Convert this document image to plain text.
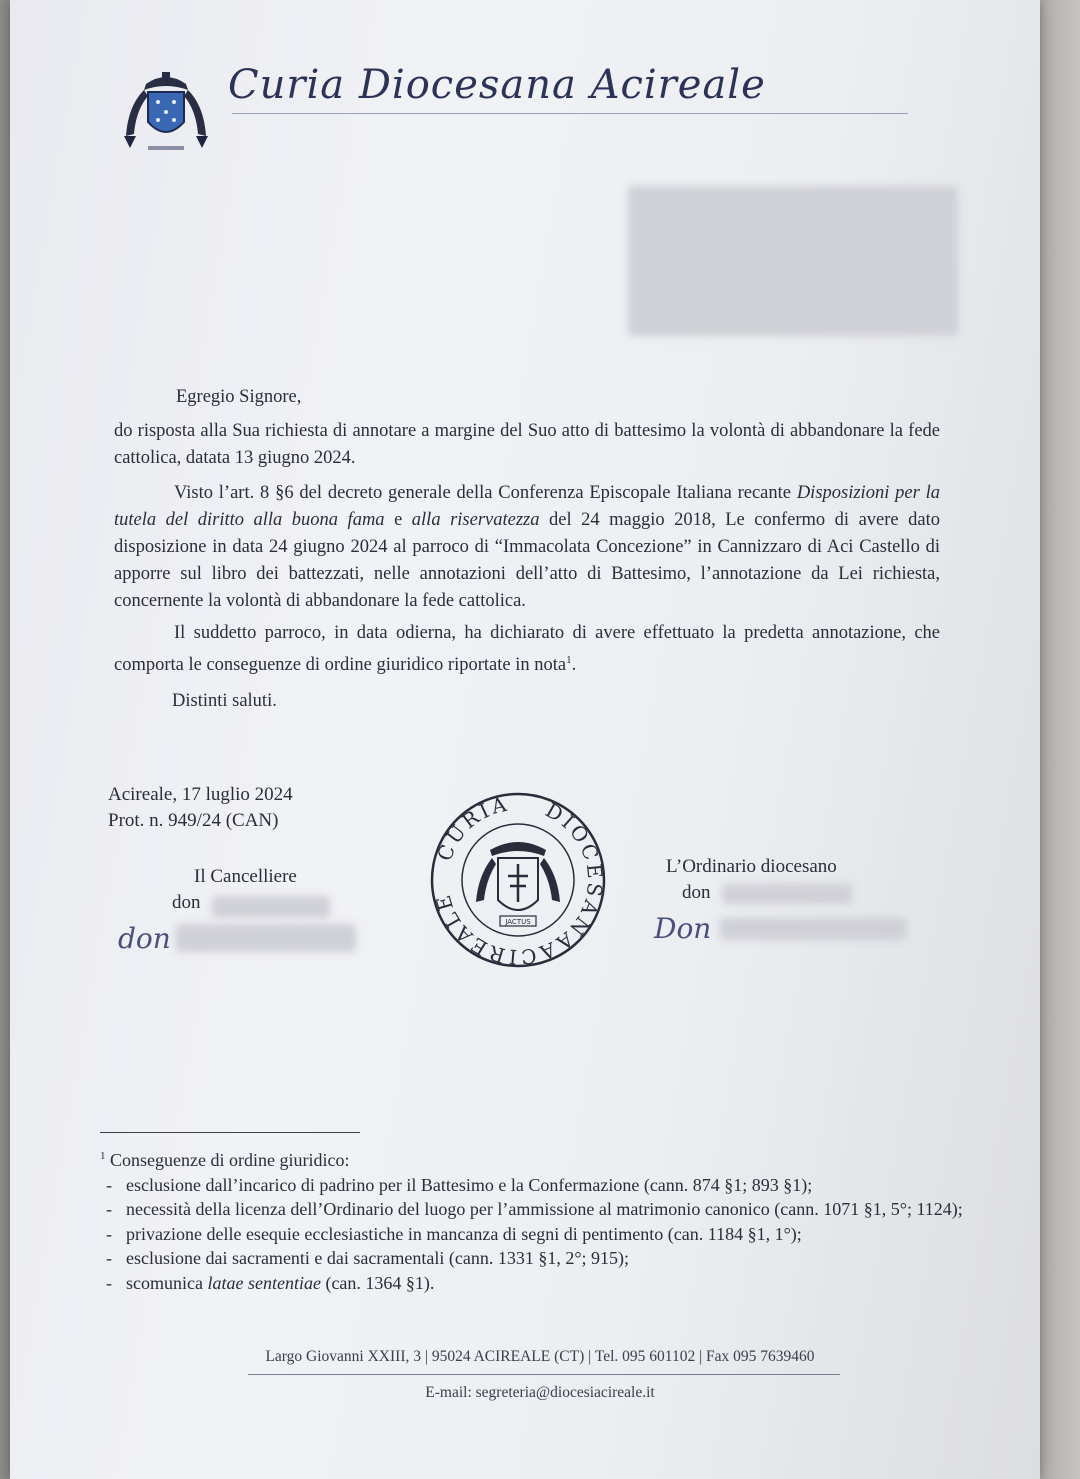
Curia Diocesana Acireale
Egregio Signore,

do risposta alla Sua richiesta di annotare a margine del Suo atto di battesimo la volontà di abbandonare la fede cattolica, datata 13 giugno 2024.

Visto l’art. 8 §6 del decreto generale della Conferenza Episcopale Italiana recante Disposizioni per la tutela del diritto alla buona fama e alla riservatezza del 24 maggio 2018, Le confermo di avere dato disposizione in data 24 giugno 2024 al parroco di “Immacolata Concezione” in Cannizzaro di Aci Castello di apporre sul libro dei battezzati, nelle annotazioni dell’atto di Battesimo, l’annotazione da Lei richiesta, concernente la volontà di abbandonare la fede cattolica.

Il suddetto parroco, in data odierna, ha dichiarato di avere effettuato la predetta annotazione, che comporta le conseguenze di ordine giuridico riportate in nota$^1$.

Distinti saluti.
Acireale, 17 luglio 2024
Prot. n. 949/24 (CAN)
Il Cancelliere
don
don
CURIA DIOCESANA
ACIREALE
JACTUS
L’Ordinario diocesano
don
Don
$^1$ Conseguenze di ordine giuridico:
- esclusione dall’incarico di padrino per il Battesimo e la Confermazione (cann. 874 §1; 893 §1);
- necessità della licenza dell’Ordinario del luogo per l’ammissione al matrimonio canonico (cann. 1071 §1, 5°; 1124);
- privazione delle esequie ecclesiastiche in mancanza di segni di pentimento (can. 1184 §1, 1°);
- esclusione dai sacramenti e dai sacramentali (cann. 1331 §1, 2°; 915);
- scomunica latae sententiae (can. 1364 §1).
Largo Giovanni XXIII, 3 | 95024 ACIREALE (CT) | Tel. 095 601102 | Fax 095 7639460
E-mail: segreteria@diocesiacireale.it
